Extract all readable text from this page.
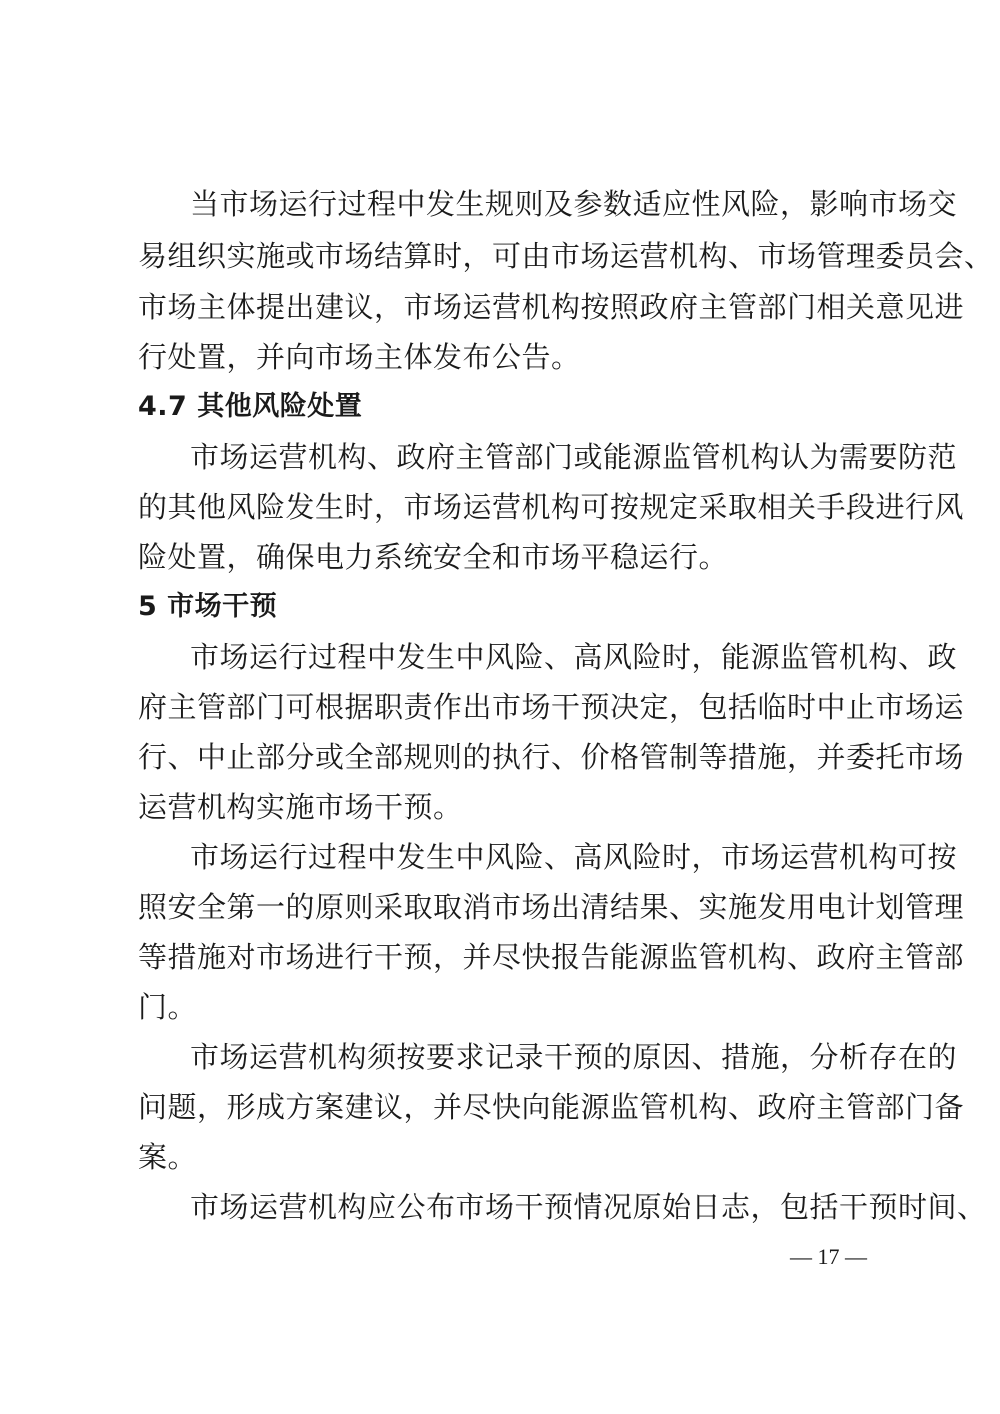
当市场运行过程中发生规则及参数适应性风险，影响市场交
易组织实施或市场结算时，可由市场运营机构、市场管理委员会、
市场主体提出建议，市场运营机构按照政府主管部门相关意见进
行处置，并向市场主体发布公告。
4.7 其他风险处置
市场运营机构、政府主管部门或能源监管机构认为需要防范
的其他风险发生时，市场运营机构可按规定采取相关手段进行风
险处置，确保电力系统安全和市场平稳运行。
5 市场干预
市场运行过程中发生中风险、高风险时，能源监管机构、政
府主管部门可根据职责作出市场干预决定，包括临时中止市场运
行、中止部分或全部规则的执行、价格管制等措施，并委托市场
运营机构实施市场干预。
市场运行过程中发生中风险、高风险时，市场运营机构可按
照安全第一的原则采取取消市场出清结果、实施发用电计划管理
等措施对市场进行干预，并尽快报告能源监管机构、政府主管部
门。
市场运营机构须按要求记录干预的原因、措施，分析存在的
问题，形成方案建议，并尽快向能源监管机构、政府主管部门备
案。
市场运营机构应公布市场干预情况原始日志，包括干预时间、
— 17 —
